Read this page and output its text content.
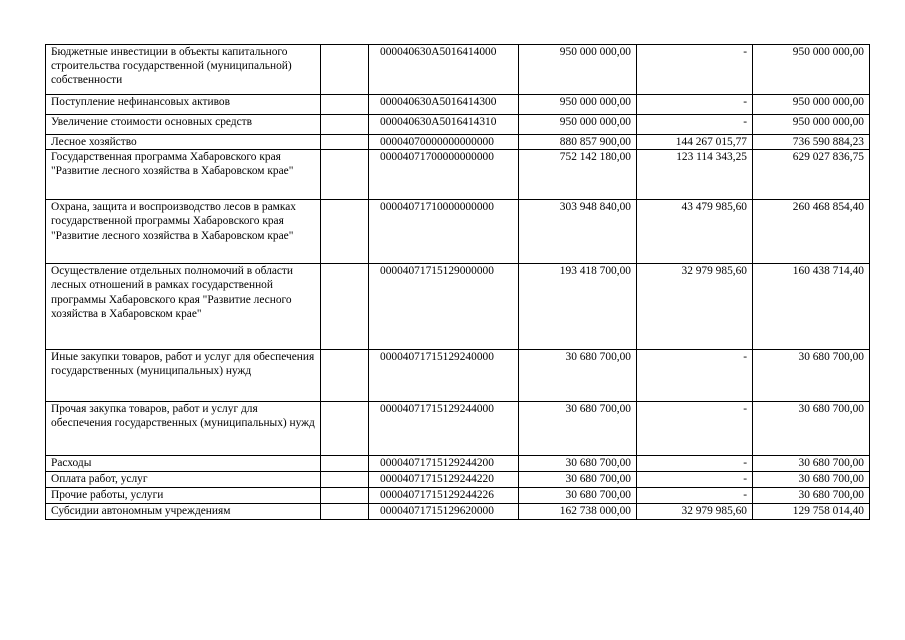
Бюджетные инвестиции в объекты капитального строительства государственной (муниципальной) собственности		000040630А5016414000	950 000 000,00	-	950 000 000,00
Поступление нефинансовых активов		000040630А5016414300	950 000 000,00	-	950 000 000,00
Увеличение стоимости основных средств		000040630А5016414310	950 000 000,00	-	950 000 000,00
Лесное хозяйство		00004070000000000000	880 857 900,00	144 267 015,77	736 590 884,23
Государственная программа Хабаровского края "Развитие лесного хозяйства в Хабаровском крае"		00004071700000000000	752 142 180,00	123 114 343,25	629 027 836,75
Охрана, защита и воспроизводство лесов в рамках государственной программы Хабаровского края "Развитие лесного хозяйства в Хабаровском крае"		00004071710000000000	303 948 840,00	43 479 985,60	260 468 854,40
Осуществление отдельных полномочий в области лесных отношений в рамках государственной программы Хабаровского края "Развитие лесного хозяйства в Хабаровском крае"		00004071715129000000	193 418 700,00	32 979 985,60	160 438 714,40
Иные закупки товаров, работ и услуг для обеспечения государственных (муниципальных) нужд		00004071715129240000	30 680 700,00	-	30 680 700,00
Прочая закупка товаров, работ и услуг для обеспечения государственных (муниципальных) нужд		00004071715129244000	30 680 700,00	-	30 680 700,00
Расходы		00004071715129244200	30 680 700,00	-	30 680 700,00
Оплата работ, услуг		00004071715129244220	30 680 700,00	-	30 680 700,00
Прочие работы, услуги		00004071715129244226	30 680 700,00	-	30 680 700,00
Субсидии автономным учреждениям		00004071715129620000	162 738 000,00	32 979 985,60	129 758 014,40
